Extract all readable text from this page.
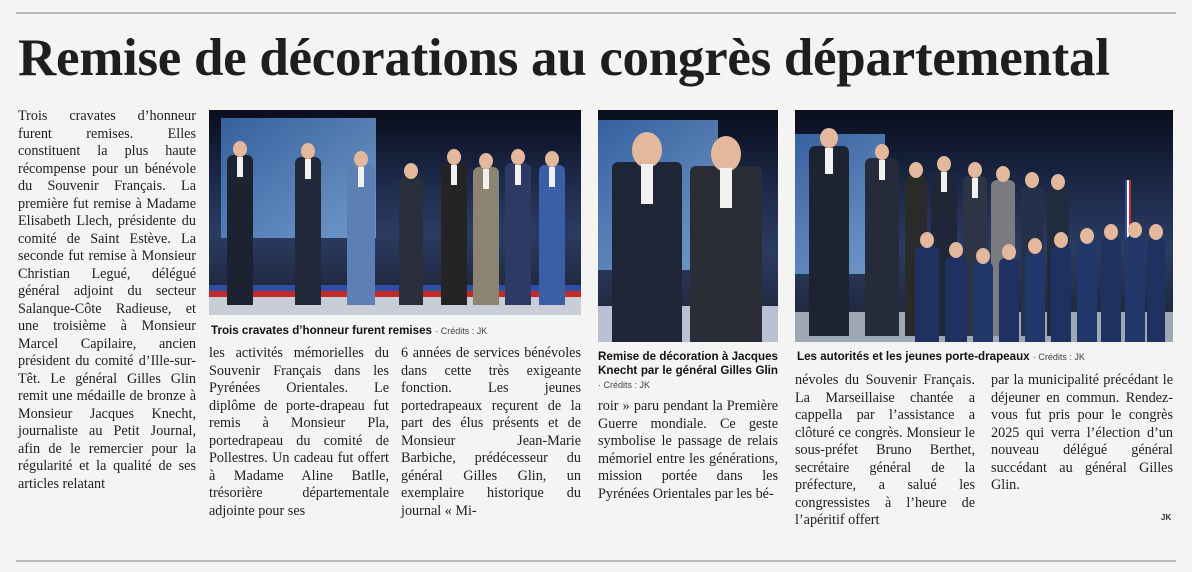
Remise de décorations au congrès départemental

Trois cravates d’honneur furent remises. Elles constituent la plus haute récompense pour un bénévole du Souvenir Français. La première fut remise à Madame Elisabeth Llech, présidente du comité de Saint Estève. La seconde fut remise à Monsieur Christian Legué, délégué général adjoint du secteur Salanque-Côte Radieuse, et une troisième à Monsieur Marcel Capilaire, ancien président du comité d’Ille-sur-Têt. Le général Gilles Glin remit une médaille de bronze à Monsieur Jacques Knecht, journaliste au Petit Journal, afin de le remercier pour la régularité et la qualité de ses articles relatant

Trois cravates d’honneur furent remises · Crédits : JK

les activités mémorielles du Souvenir Français dans les Pyrénées Orientales. Le diplôme de porte-drapeau fut remis à Monsieur Pla, portedrapeau du comité de Pollestres. Un cadeau fut offert à Madame Aline Batlle, trésorière départementale adjointe pour ses

6 années de services bénévoles dans cette très exigeante fonction. Les jeunes portedrapeaux reçurent de la part des élus présents et de Monsieur Jean-Marie Barbiche, prédécesseur du général Gilles Glin, un exemplaire historique du journal « Mi-

Remise de décoration à Jacques Knecht par le général Gilles Glin · Crédits : JK

roir » paru pendant la Première Guerre mondiale. Ce geste symbolise le passage de relais mémoriel entre les générations, mission portée dans les Pyrénées Orientales par les bé-

Les autorités et les jeunes porte-drapeaux · Crédits : JK

névoles du Souvenir Français. La Marseillaise chantée a cappella par l’assistance a clôturé ce congrès. Monsieur le sous-préfet Bruno Berthet, secrétaire général de la préfecture, a salué les congressistes à l’heure de l’apéritif offert

par la municipalité précédant le déjeuner en commun. Rendez-vous fut pris pour le congrès 2025 qui verra l’élection d’un nouveau délégué général succédant au général Gilles Glin.

JK
